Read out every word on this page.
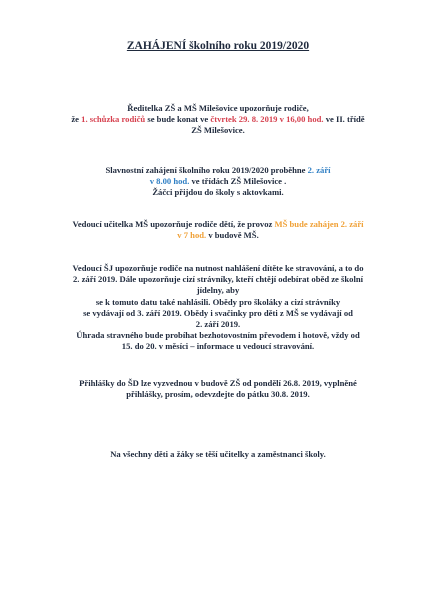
ZAHÁJENÍ školního roku 2019/2020
Ředitelka ZŠ a MŠ Milešovice upozorňuje rodiče,
že 1. schůzka rodičů se bude konat ve čtvrtek 29. 8. 2019 v 16,00 hod. ve II. třídě
ZŠ Milešovice.
Slavnostní zahájení školního roku 2019/2020 proběhne 2. září
v 8.00 hod. ve třídách ZŠ Milešovice .
Žáčci přijdou do školy s aktovkami.
Vedoucí učitelka MŠ upozorňuje rodiče dětí, že provoz MŠ bude zahájen 2. září
v 7 hod. v budově MŠ.
Vedoucí ŠJ upozorňuje rodiče na nutnost nahlášení dítěte ke stravování, a to do
2. září 2019. Dále upozorňuje cizí strávníky, kteří chtějí odebírat oběd ze školní
jídelny, aby
se k tomuto datu také nahlásili. Obědy pro školáky a cizí strávníky
se vydávají od 3. září 2019. Obědy i svačinky pro děti z MŠ se vydávají od
2. září 2019.
Úhrada stravného bude probíhat bezhotovostním převodem i hotově, vždy od
15. do 20. v měsíci – informace u vedoucí stravování.
Přihlášky do ŠD lze vyzvednou v budově ZŠ od pondělí 26.8. 2019, vyplněné
přihlášky, prosím, odevzdejte do pátku 30.8. 2019.
Na všechny děti a žáky se těší učitelky a zaměstnanci školy.
